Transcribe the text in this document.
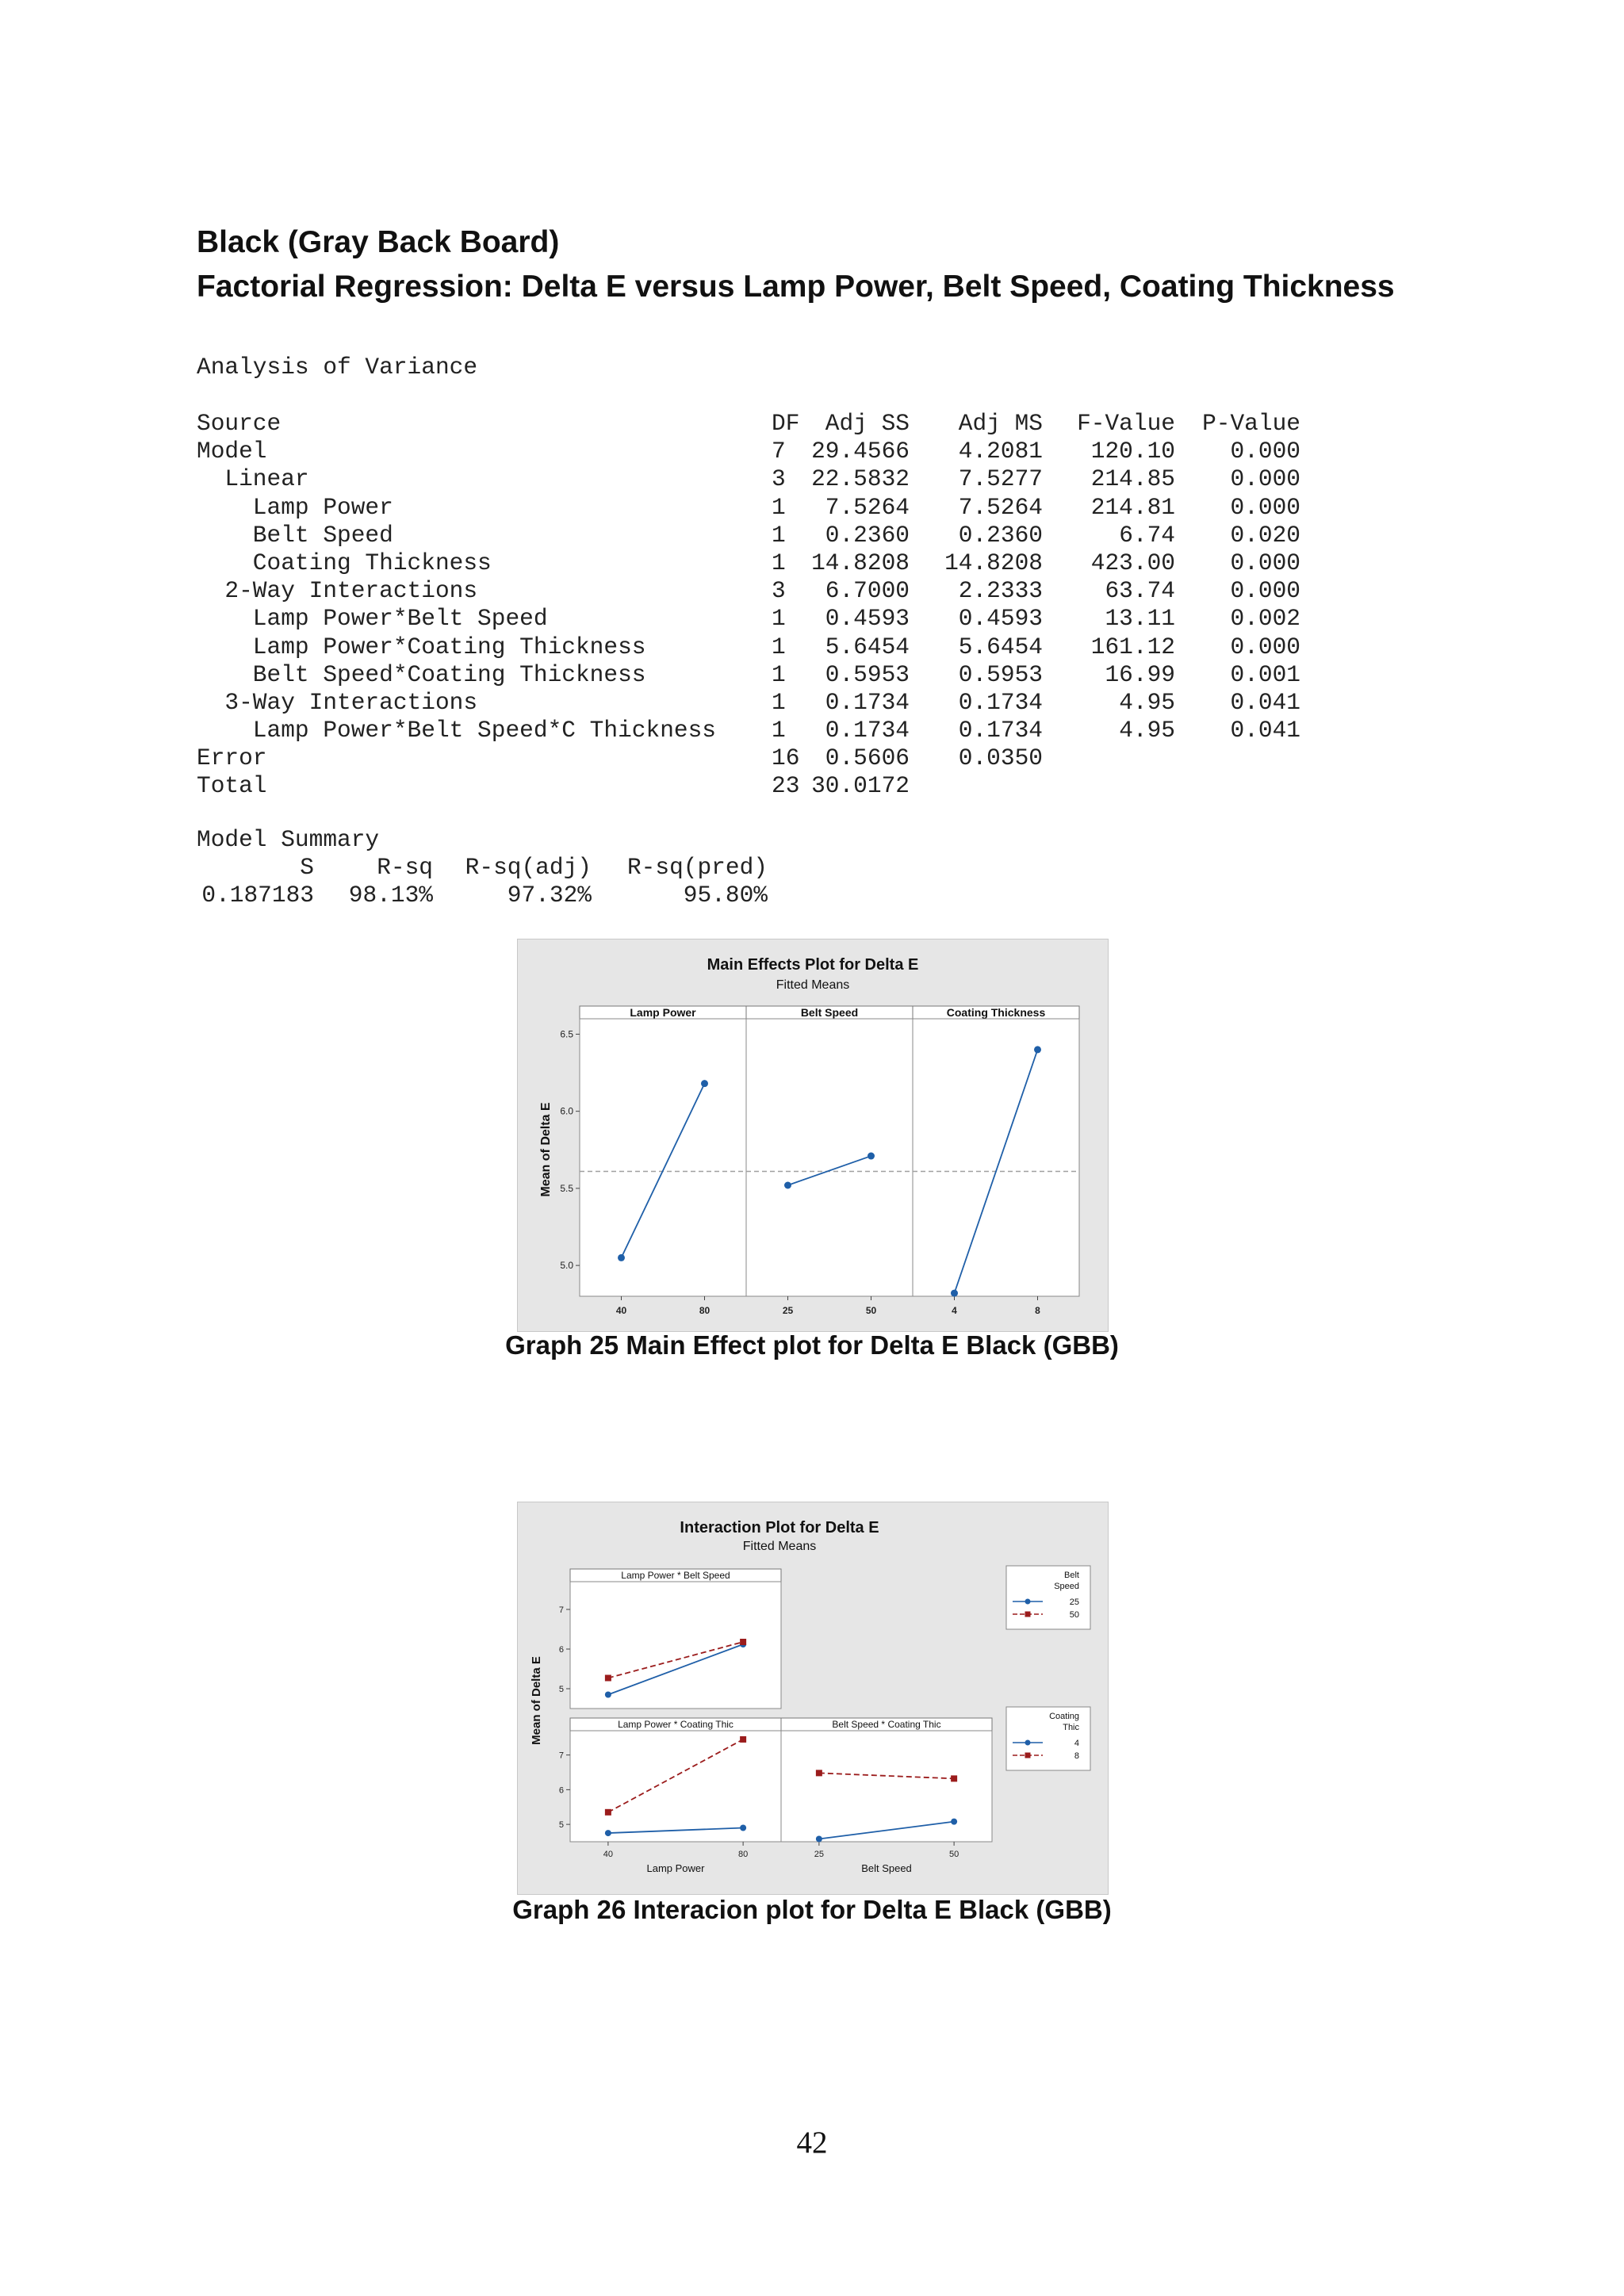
Black (Gray Back Board)
Factorial Regression: Delta E versus Lamp Power, Belt Speed, Coating Thickness
Analysis of Variance
Source	DF	Adj SS	Adj MS	F-Value	P-Value
Model	7	29.4566	4.2081	120.10	0.000
Linear	3	22.5832	7.5277	214.85	0.000
Lamp Power	1	7.5264	7.5264	214.81	0.000
Belt Speed	1	0.2360	0.2360	6.74	0.020
Coating Thickness	1	14.8208	14.8208	423.00	0.000
2-Way Interactions	3	6.7000	2.2333	63.74	0.000
Lamp Power*Belt Speed	1	0.4593	0.4593	13.11	0.002
Lamp Power*Coating Thickness	1	5.6454	5.6454	161.12	0.000
Belt Speed*Coating Thickness	1	0.5953	0.5953	16.99	0.001
3-Way Interactions	1	0.1734	0.1734	4.95	0.041
Lamp Power*Belt Speed*C Thickness	1	0.1734	0.1734	4.95	0.041
Error	16	0.5606	0.0350
Total	23 30.0172
Model Summary
S	R-sq	R-sq(adj)	R-sq(pred)
0.187183	98.13%	97.32%	95.80%
Main Effects Plot for Delta E
Fitted Means
Mean of Delta E
Lamp Power
40	80
Belt Speed
25	50
Coating Thickness
4	8
5.0
5.5
6.0
6.5
Graph 25 Main Effect plot for Delta E Black (GBB)
Interaction Plot for Delta E
Fitted Means
Mean of Delta E
Lamp Power * Belt Speed
5
6
7
Lamp Power * Coating Thic
5
6
7
40	80
Lamp Power
Belt Speed * Coating Thic
25	50
Belt Speed
Belt
Speed
25
50
Coating
Thic
4
8
Graph 26 Interacion plot for Delta E Black (GBB)
42
